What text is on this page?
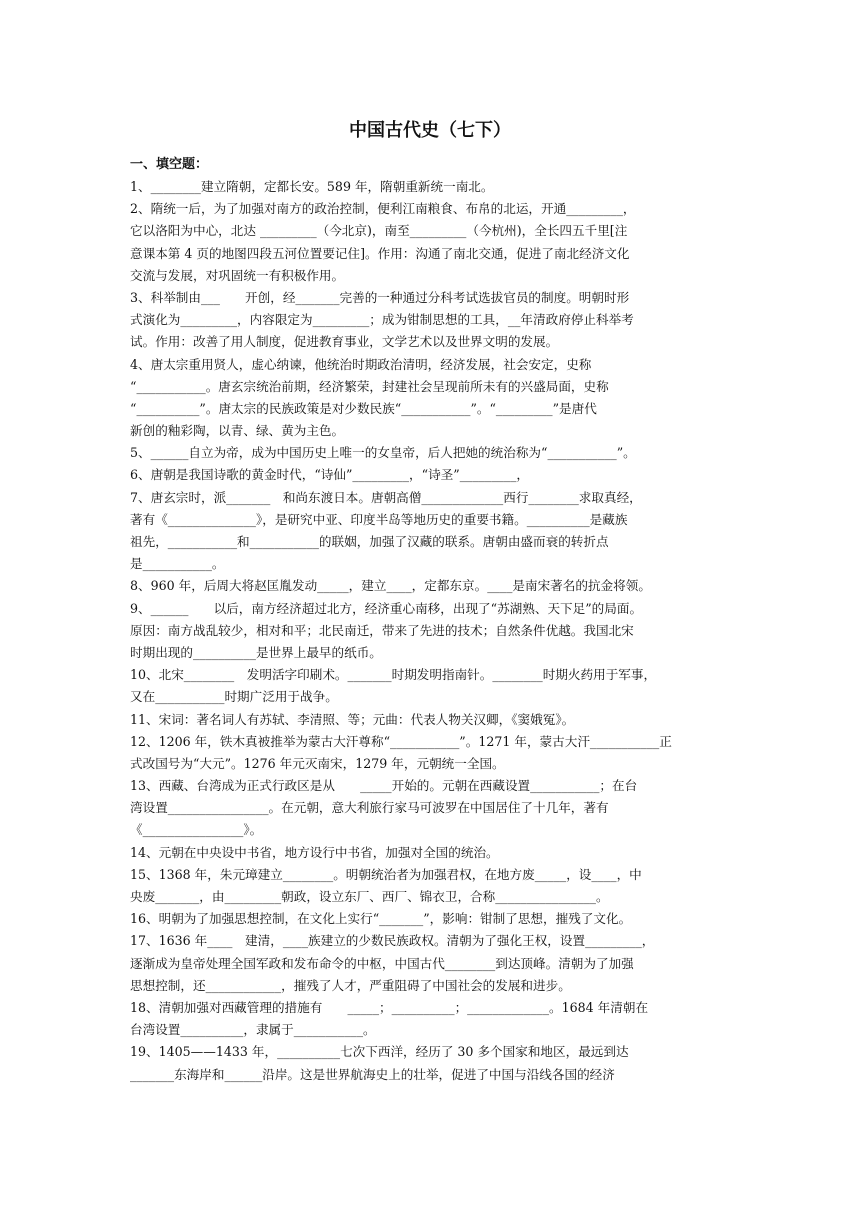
中国古代史（七下）
一、填空题：
1、________建立隋朝，定都长安。589 年，隋朝重新统一南北。
2、隋统一后，为了加强对南方的政治控制，便利江南粮食、布帛的北运，开通_________，
它以洛阳为中心，北达 _________（今北京)，南至_________（今杭州)，全长四五千里[注
意课本第 4 页的地图四段五河位置要记住]。作用：沟通了南北交通，促进了南北经济文化
交流与发展，对巩固统一有积极作用。
3、科举制由___　　开创，经_______完善的一种通过分科考试选拔官员的制度。明朝时形
式演化为_________，内容限定为_________；成为钳制思想的工具，__年清政府停止科举考
试。作用：改善了用人制度，促进教育事业，文学艺术以及世界文明的发展。
4、唐太宗重用贤人，虚心纳谏，他统治时期政治清明，经济发展，社会安定，史称
“___________。唐玄宗统治前期，经济繁荣，封建社会呈现前所未有的兴盛局面，史称
“__________”。唐太宗的民族政策是对少数民族“___________”。“_________”是唐代
新创的釉彩陶，以青、绿、黄为主色。
5、______自立为帝，成为中国历史上唯一的女皇帝，后人把她的统治称为“___________”。
6、唐朝是我国诗歌的黄金时代，“诗仙”_________，“诗圣”_________，
7、唐玄宗时，派_______　和尚东渡日本。唐朝高僧_____________西行________求取真经，
著有《______________》，是研究中亚、印度半岛等地历史的重要书籍。__________是藏族
祖先，___________和___________的联姻，加强了汉藏的联系。唐朝由盛而衰的转折点
是___________。
8、960 年，后周大将赵匡胤发动_____，建立____，定都东京。____是南宋著名的抗金将领。
9、______　　以后，南方经济超过北方，经济重心南移，出现了“苏湖熟、天下足”的局面。
原因：南方战乱较少，相对和平；北民南迁，带来了先进的技术；自然条件优越。我国北宋
时期出现的__________是世界上最早的纸币。
10、北宋________　发明活字印刷术。_______时期发明指南针。________时期火药用于军事，
又在___________时期广泛用于战争。
11、宋词：著名词人有苏轼、李清照、等；元曲：代表人物关汉卿，《窦娥冤》。
12、1206 年，铁木真被推举为蒙古大汗尊称“___________”。1271 年，蒙古大汗___________正
式改国号为“大元”。1276 年元灭南宋，1279 年，元朝统一全国。
13、西藏、台湾成为正式行政区是从　　_____开始的。元朝在西藏设置___________；在台
湾设置________________。在元朝，意大利旅行家马可波罗在中国居住了十几年，著有
《________________》。
14、元朝在中央设中书省，地方设行中书省，加强对全国的统治。
15、1368 年，朱元璋建立________。明朝统治者为加强君权，在地方废_____，设____，中
央废_______，由_________朝政，设立东厂、西厂、锦衣卫，合称________________。
16、明朝为了加强思想控制，在文化上实行“_______”，影响：钳制了思想，摧残了文化。
17、1636 年____　建清，____族建立的少数民族政权。清朝为了强化王权，设置_________，
逐渐成为皇帝处理全国军政和发布命令的中枢，中国古代________到达顶峰。清朝为了加强
思想控制，还____________，摧残了人才，严重阻碍了中国社会的发展和进步。
18、清朝加强对西藏管理的措施有　　_____；__________；_____________。1684 年清朝在
台湾设置__________，隶属于___________。
19、1405——1433 年，__________七次下西洋，经历了 30 多个国家和地区，最远到达
_______东海岸和______沿岸。这是世界航海史上的壮举，促进了中国与沿线各国的经济
